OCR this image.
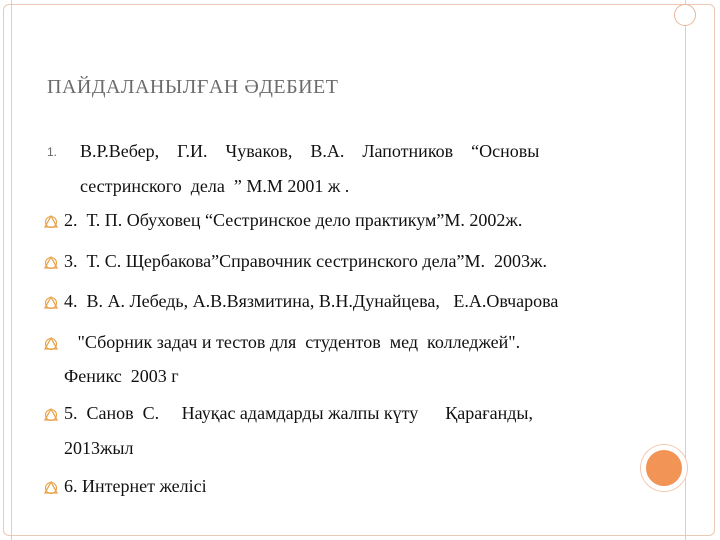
ПАЙДАЛАНЫЛҒАН ӘДЕБИЕТ
1. В.Р.Вебер,    Г.И.    Чуваков,    В.А.    Лапотников    “Основы
сестринского  дела  ” М.М 2001 ж .
2.  Т. П. Обуховец “Сестринское дело практикум”М. 2002ж.
3.  Т. С. Щербакова”Справочник сестринского дела”М.  2003ж.
4.  В. А. Лебедь, А.В.Вязмитина, В.Н.Дунайцева,   Е.А.Овчарова
"Сборник задач и тестов для  студентов  мед  колледжей".
Феникс  2003 г
5.  Санов  С.     Науқас адамдарды жалпы күту      Қарағанды,
2013жыл
6. Интернет желісі
